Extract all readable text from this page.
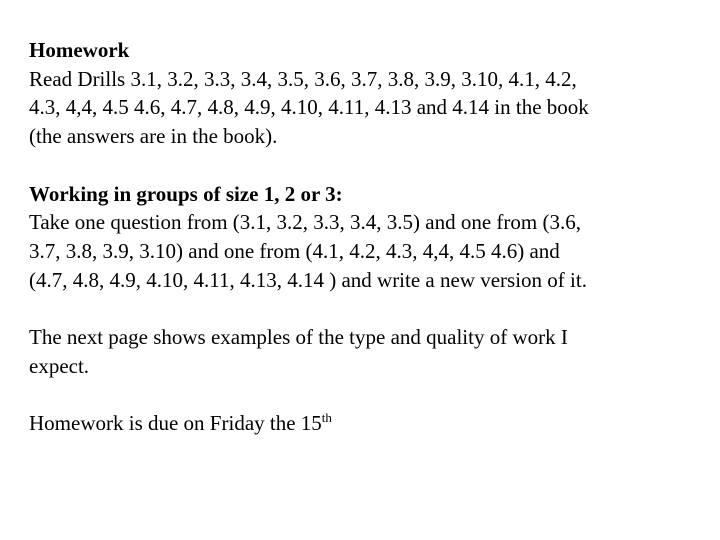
Homework
Read Drills 3.1, 3.2, 3.3, 3.4, 3.5, 3.6, 3.7, 3.8, 3.9, 3.10, 4.1, 4.2,
4.3, 4,4, 4.5 4.6, 4.7, 4.8, 4.9, 4.10, 4.11, 4.13 and 4.14 in the book
(the answers are in the book).
Working in groups of size 1, 2 or 3:
Take one question from (3.1, 3.2, 3.3, 3.4, 3.5) and one from (3.6,
3.7, 3.8, 3.9, 3.10) and one from (4.1, 4.2, 4.3, 4,4, 4.5 4.6) and
(4.7, 4.8, 4.9, 4.10, 4.11, 4.13, 4.14 ) and write a new version of it.
The next page shows examples of the type and quality of work I
expect.
Homework is due on Friday the 15th
